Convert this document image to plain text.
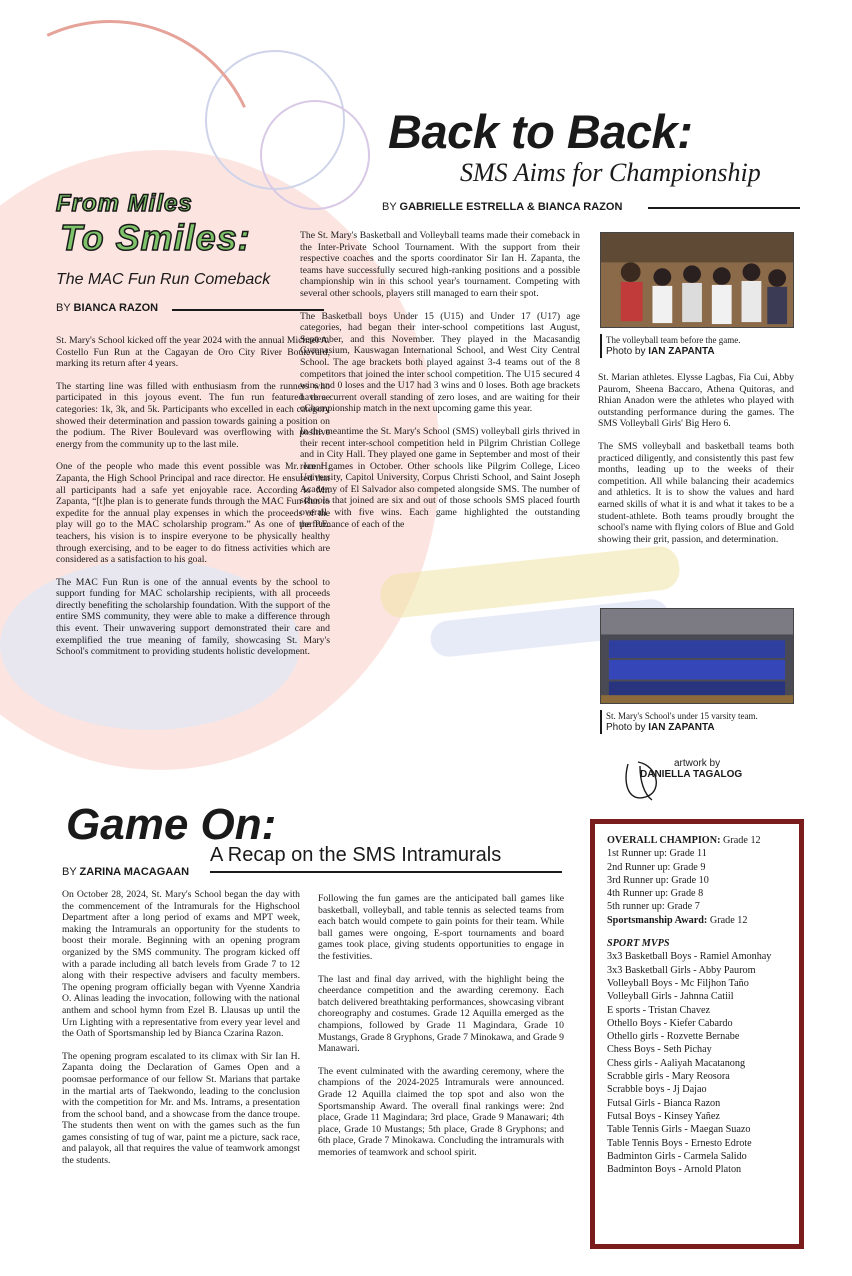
From Miles
To Smiles:
The MAC Fun Run Comeback
BY BIANCA RAZON

St. Mary's School kicked off the year 2024 with the annual Michael A. Costello Fun Run at the Cagayan de Oro City River Boulevard, marking its return after 4 years.

The starting line was filled with enthusiasm from the runners who participated in this joyous event. The fun run featured three categories: 1k, 3k, and 5k. Participants who excelled in each category showed their determination and passion towards gaining a position on the podium. The River Boulevard was overflowing with positive energy from the community up to the last mile.

One of the people who made this event possible was Mr. Ian H. Zapanta, the High School Principal and race director. He ensured that all participants had a safe yet enjoyable race. According to Mr. Zapanta, “[t]he plan is to generate funds through the MAC Fun Run to expedite for the annual play expenses in which the proceeds of the play will go to the MAC scholarship program.” As one of the P.E. teachers, his vision is to inspire everyone to be physically healthy through exercising, and to be eager to do fitness activities which are considered as a satisfaction to his goal.

The MAC Fun Run is one of the annual events by the school to support funding for MAC scholarship recipients, with all proceeds directly benefiting the scholarship foundation. With the support of the entire SMS community, they were able to make a difference through this event. Their unwavering support demonstrated their care and exemplified the true meaning of family, showcasing St. Mary's School's commitment to providing students holistic development.

Back to Back:
SMS Aims for Championship
BY GABRIELLE ESTRELLA & BIANCA RAZON

The St. Mary's Basketball and Volleyball teams made their comeback in the Inter-Private School Tournament. With the support from their respective coaches and the sports coordinator Sir Ian H. Zapanta, the teams have successfully secured high-ranking positions and a possible championship win in this school year's tournament. Competing with several other schools, players still managed to earn their spot.

The Basketball boys Under 15 (U15) and Under 17 (U17) age categories, had began their inter-school competitions last August, September, and this November. They played in the Macasandig Gymnasium, Kauswagan International School, and West City Central School. The age brackets both played against 3-4 teams out of the 8 competitors that joined the inter school competition. The U15 secured 4 wins and 0 loses and the U17 had 3 wins and 0 loses. Both age brackets have a current overall standing of zero loses, and are waiting for their cChampionship match in the next upcoming game this year.

In the meantime the St. Mary's School (SMS) volleyball girls thrived in their recent inter-school competition held in Pilgrim Christian College and in City Hall. They played one game in September and most of their recent games in October. Other schools like Pilgrim College, Liceo University, Capitol University, Corpus Christi School, and Saint Joseph Academy of El Salvador also competed alongside SMS. The number of schools that joined are six and out of those schools SMS placed fourth overall with five wins. Each game highlighted the outstanding performance of each of the

The volleyball team before the game.
Photo by IAN ZAPANTA

St. Marian athletes. Elysse Lagbas, Fia Cui, Abby Paurom, Sheena Baccaro, Athena Quitoras, and Rhian Anadon were the athletes who played with outstanding performance during the games. The SMS Volleyball Girls' Big Hero 6.

The SMS volleyball and basketball teams both practiced diligently, and consistently this past few months, leading up to the weeks of their competition. All while balancing their academics and athletics. It is to show the values and hard earned skills of what it is and what it takes to be a student-athlete. Both teams proudly brought the school's name with flying colors of Blue and Gold showing their grit, passion, and determination.

St. Mary's School's under 15 varsity team.
Photo by IAN ZAPANTA
artwork by
DANIELLA TAGALOG
Game On:
A Recap on the SMS Intramurals
BY ZARINA MACAGAAN

On October 28, 2024, St. Mary's School began the day with the commencement of the Intramurals for the Highschool Department after a long period of exams and MPT week, making the Intramurals an opportunity for the students to boost their morale. Beginning with an opening program organized by the SMS community. The program kicked off with a parade including all batch levels from Grade 7 to 12 along with their respective advisers and faculty members. The opening program officially began with Vyenne Xandria O. Alinas leading the invocation, following with the national anthem and school hymn from Ezel B. Llausas up until the Urn Lighting with a representative from every year level and the Oath of Sportsmanship led by Bianca Czarina Razon.

The opening program escalated to its climax with Sir Ian H. Zapanta doing the Declaration of Games Open and a poomsae performance of our fellow St. Marians that partake in the martial arts of Taekwondo, leading to the conclusion with the competition for Mr. and Ms. Intrams, a presentation from the school band, and a showcase from the dance troupe. The students then went on with the games such as the fun games consisting of tug of war, paint me a picture, sack race, and palayok, all that requires the value of teamwork amongst the students.

Following the fun games are the anticipated ball games like basketball, volleyball, and table tennis as selected teams from each batch would compete to gain points for their team. While ball games were ongoing, E-sport tournaments and board games took place, giving students opportunities to engage in the festivities.

The last and final day arrived, with the highlight being the cheerdance competition and the awarding ceremony. Each batch delivered breathtaking performances, showcasing vibrant choreography and costumes. Grade 12 Aquilla emerged as the champions, followed by Grade 11 Magindara, Grade 10 Mustangs, Grade 8 Gryphons, Grade 7 Minokawa, and Grade 9 Manawari.

The event culminated with the awarding ceremony, where the champions of the 2024-2025 Intramurals were announced. Grade 12 Aquilla claimed the top spot and also won the Sportsmanship Award. The overall final rankings were: 2nd place, Grade 11 Magindara; 3rd place, Grade 9 Manawari; 4th place, Grade 10 Mustangs; 5th place, Grade 8 Gryphons; and 6th place, Grade 7 Minokawa. Concluding the intramurals with memories of teamwork and school spirit.

OVERALL CHAMPION: Grade 12
1st Runner up: Grade 11
2nd Runner up: Grade 9
3rd Runner up: Grade 10
4th Runner up: Grade 8
5th runner up: Grade 7
Sportsmanship Award: Grade 12
SPORT MVPS
3x3 Basketball Boys - Ramiel Amonhay
3x3 Basketball Girls - Abby Paurom
Volleyball Boys - Mc Filjhon Taño
Volleyball Girls - Jahnna Catiil
E sports - Tristan Chavez
Othello Boys - Kiefer Cabardo
Othello girls - Rozvette Bernabe
Chess Boys - Seth Pichay
Chess girls - Aaliyah Macatanong
Scrabble girls - Mary Reosora
Scrabble boys - Jj Dajao
Futsal Girls - Bianca Razon
Futsal Boys - Kinsey Yañez
Table Tennis Girls - Maegan Suazo
Table Tennis Boys - Ernesto Edrote
Badminton Girls - Carmela Salido
Badminton Boys - Arnold Platon
